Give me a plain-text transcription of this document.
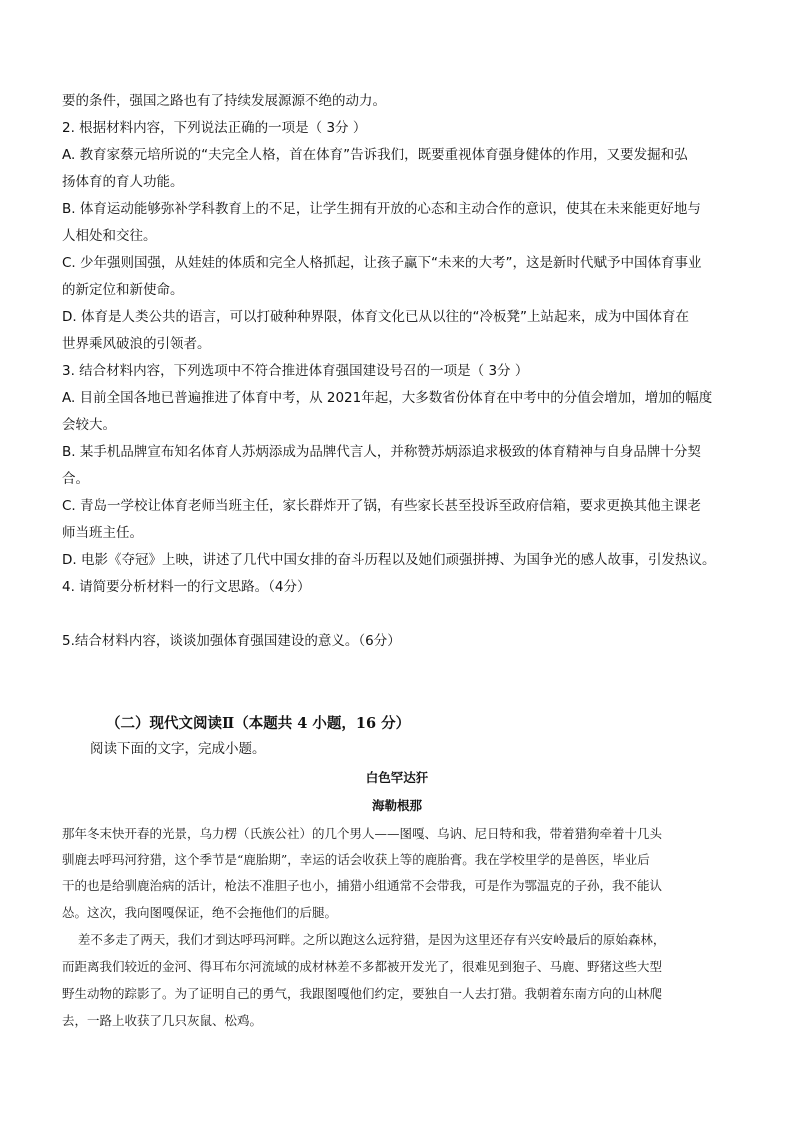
要的条件，强国之路也有了持续发展源源不绝的动力。
2. 根据材料内容，下列说法正确的一项是（ 3分 ）
A. 教育家蔡元培所说的“夫完全人格，首在体育”告诉我们，既要重视体育强身健体的作用，又要发掘和弘
扬体育的育人功能。
B. 体育运动能够弥补学科教育上的不足，让学生拥有开放的心态和主动合作的意识，使其在未来能更好地与
人相处和交往。
C. 少年强则国强，从娃娃的体质和完全人格抓起，让孩子赢下“未来的大考”，这是新时代赋予中国体育事业
的新定位和新使命。
D. 体育是人类公共的语言，可以打破种种界限，体育文化已从以往的“冷板凳”上站起来，成为中国体育在
世界乘风破浪的引领者。
3. 结合材料内容，下列选项中不符合推进体育强国建设号召的一项是（ 3分 ）
A. 目前全国各地已普遍推进了体育中考，从 2021年起，大多数省份体育在中考中的分值会增加，增加的幅度
会较大。
B. 某手机品牌宣布知名体育人苏炳添成为品牌代言人，并称赞苏炳添追求极致的体育精神与自身品牌十分契
合。
C. 青岛一学校让体育老师当班主任，家长群炸开了锅，有些家长甚至投诉至政府信箱，要求更换其他主课老
师当班主任。
D. 电影《夺冠》上映，讲述了几代中国女排的奋斗历程以及她们顽强拼搏、为国争光的感人故事，引发热议。
4. 请简要分析材料一的行文思路。（4分）
5.结合材料内容，谈谈加强体育强国建设的意义。（6分）
（二）现代文阅读Ⅱ（本题共 4 小题，16 分）
阅读下面的文字，完成小题。
白色罕达犴
海勒根那
那年冬末快开春的光景，乌力楞（氏族公社）的几个男人——图嘎、乌讷、尼日特和我，带着猎狗牵着十几头
驯鹿去呼玛河狩猎，这个季节是“鹿胎期”，幸运的话会收获上等的鹿胎膏。我在学校里学的是兽医，毕业后
干的也是给驯鹿治病的活计，枪法不准胆子也小，捕猎小组通常不会带我，可是作为鄂温克的子孙，我不能认
怂。这次，我向图嘎保证，绝不会拖他们的后腿。
差不多走了两天，我们才到达呼玛河畔。之所以跑这么远狩猎，是因为这里还存有兴安岭最后的原始森林，
而距离我们较近的金河、得耳布尔河流域的成材林差不多都被开发光了，很难见到狍子、马鹿、野猪这些大型
野生动物的踪影了。为了证明自己的勇气，我跟图嘎他们约定，要独自一人去打猎。我朝着东南方向的山林爬
去，一路上收获了几只灰鼠、松鸡。
